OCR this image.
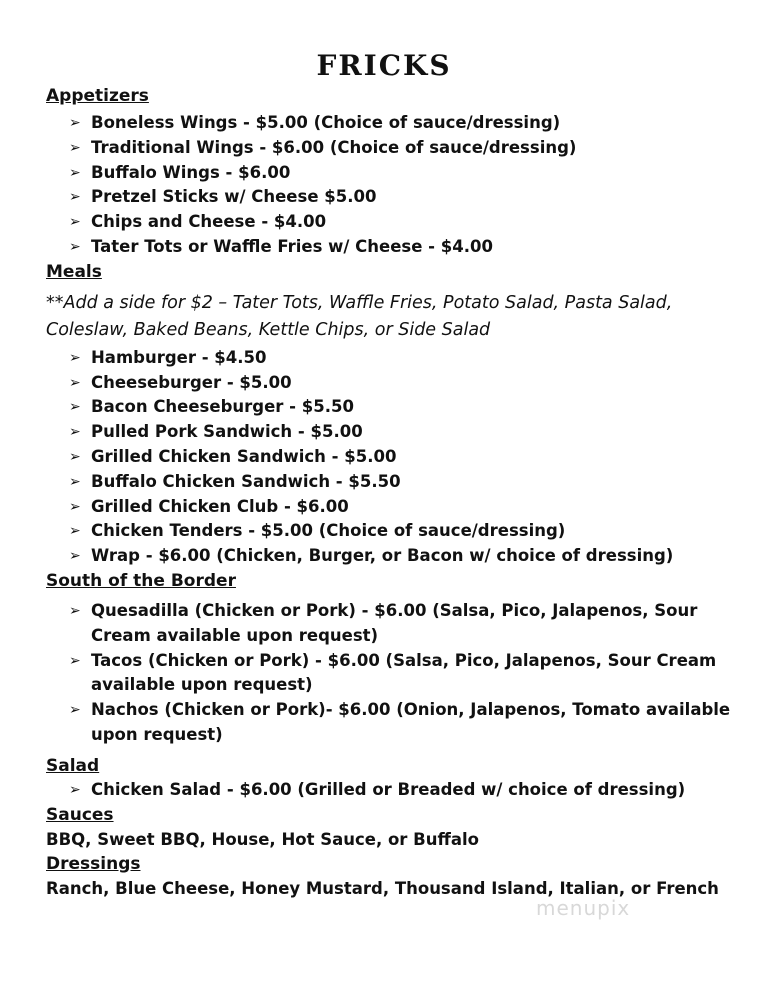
FRICKS
Appetizers
➢ Boneless Wings - $5.00 (Choice of sauce/dressing)
➢ Traditional Wings - $6.00 (Choice of sauce/dressing)
➢ Buffalo Wings - $6.00
➢ Pretzel Sticks w/ Cheese $5.00
➢ Chips and Cheese - $4.00
➢ Tater Tots or Waffle Fries w/ Cheese - $4.00
Meals
**Add a side for $2 – Tater Tots, Waffle Fries, Potato Salad, Pasta Salad, Coleslaw, Baked Beans, Kettle Chips, or Side Salad
➢ Hamburger - $4.50
➢ Cheeseburger - $5.00
➢ Bacon Cheeseburger - $5.50
➢ Pulled Pork Sandwich - $5.00
➢ Grilled Chicken Sandwich - $5.00
➢ Buffalo Chicken Sandwich - $5.50
➢ Grilled Chicken Club - $6.00
➢ Chicken Tenders - $5.00 (Choice of sauce/dressing)
➢ Wrap - $6.00 (Chicken, Burger, or Bacon w/ choice of dressing)
South of the Border
➢ Quesadilla (Chicken or Pork) - $6.00 (Salsa, Pico, Jalapenos, Sour Cream available upon request)
➢ Tacos (Chicken or Pork) - $6.00 (Salsa, Pico, Jalapenos, Sour Cream available upon request)
➢ Nachos (Chicken or Pork)- $6.00 (Onion, Jalapenos, Tomato available upon request)
Salad
➢ Chicken Salad - $6.00 (Grilled or Breaded w/ choice of dressing)
Sauces
BBQ, Sweet BBQ, House, Hot Sauce, or Buffalo
Dressings
Ranch, Blue Cheese, Honey Mustard, Thousand Island, Italian, or French
menupix
